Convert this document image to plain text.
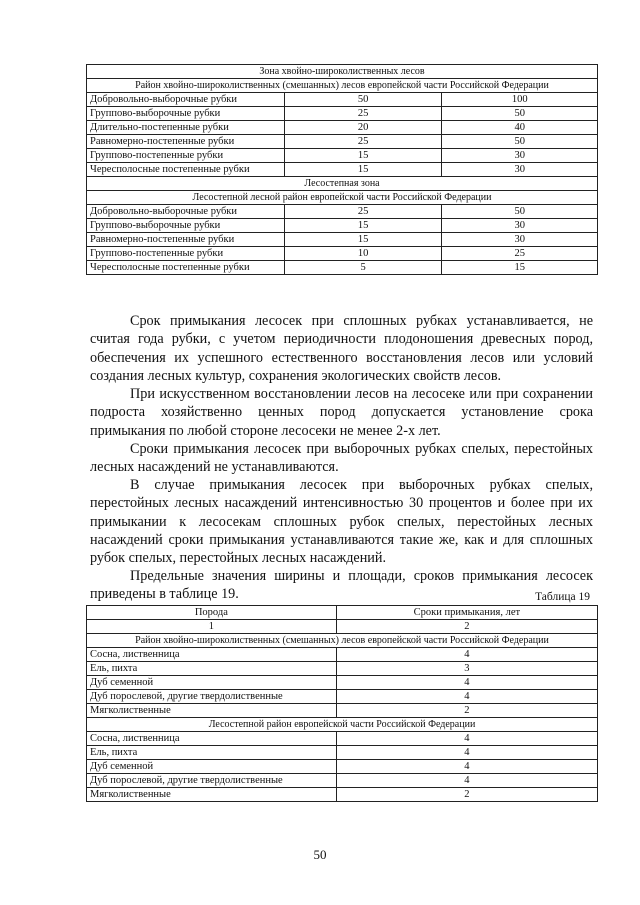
Зона хвойно-широколиственных лесов		
Район хвойно-широколиственных (смешанных) лесов европейской части Российской Федерации		
Добровольно-выборочные рубки	50	100
Группово-выборочные рубки	25	50
Длительно-постепенные рубки	20	40
Равномерно-постепенные рубки	25	50
Группово-постепенные рубки	15	30
Чересполосные постепенные рубки	15	30
Лесостепная зона		
Лесостепной лесной район европейской части Российской Федерации		
Добровольно-выборочные рубки	25	50
Группово-выборочные рубки	15	30
Равномерно-постепенные рубки	15	30
Группово-постепенные рубки	10	25
Чересполосные постепенные рубки	5	15

Срок примыкания лесосек при сплошных рубках устанавливается, не считая года рубки, с учетом периодичности плодоношения древесных пород, обеспечения их успешного естественного восстановления лесов или условий создания лесных культур, сохранения экологических свойств лесов.

При искусственном восстановлении лесов на лесосеке или при сохранении подроста хозяйственно ценных пород допускается установление срока примыкания по любой стороне лесосеки не менее 2-х лет.

Сроки примыкания лесосек при выборочных рубках спелых, перестойных лесных насаждений не устанавливаются.

В случае примыкания лесосек при выборочных рубках спелых, перестойных лесных насаждений интенсивностью 30 процентов и более при их примыкании к лесосекам сплошных рубок спелых, перестойных лесных насаждений сроки примыкания устанавливаются такие же, как и для сплошных рубок спелых, перестойных лесных насаждений.

Предельные значения ширины и площади, сроков примыкания лесосек приведены в таблице 19.	Таблица 19
Порода	Сроки примыкания, лет
1	2
Район хвойно-широколиственных (смешанных) лесов европейской части Российской Федерации	
Сосна, лиственница	4
Ель, пихта	3
Дуб семенной	4
Дуб порослевой, другие твердолиственные	4
Мягколиственные	2
Лесостепной район европейской части Российской Федерации	
Сосна, лиственница	4
Ель, пихта	4
Дуб семенной	4
Дуб порослевой, другие твердолиственные	4
Мягколиственные	2
50
